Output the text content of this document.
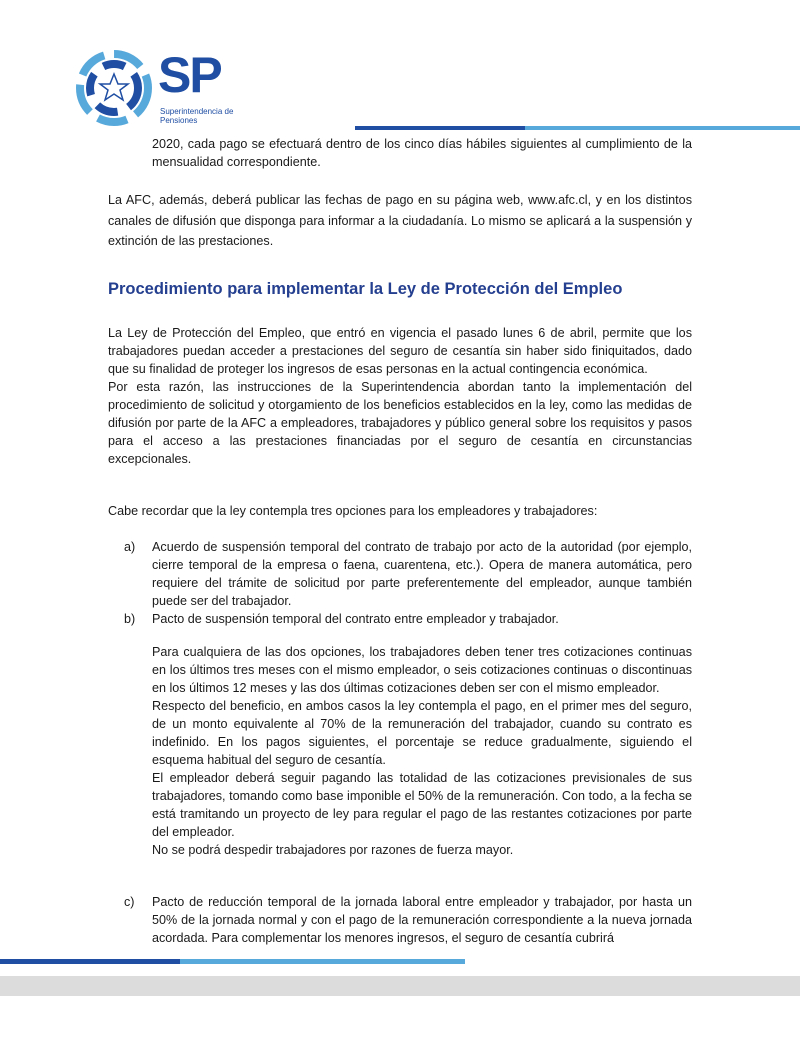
SP
Superintendencia de
Pensiones

2020, cada pago se efectuará dentro de los cinco días hábiles siguientes al cumplimiento de la mensualidad correspondiente.

La AFC, además, deberá publicar las fechas de pago en su página web, www.afc.cl, y en los distintos canales de difusión que disponga para informar a la ciudadanía. Lo mismo se aplicará a la suspensión y extinción de las prestaciones.

Procedimiento para implementar la Ley de Protección del Empleo

La Ley de Protección del Empleo, que entró en vigencia el pasado lunes 6 de abril, permite que los trabajadores puedan acceder a prestaciones del seguro de cesantía sin haber sido finiquitados, dado que su finalidad de proteger los ingresos de esas personas en la actual contingencia económica.

Por esta razón, las instrucciones de la Superintendencia abordan tanto la implementación del procedimiento de solicitud y otorgamiento de los beneficios establecidos en la ley, como las medidas de difusión por parte de la AFC a empleadores, trabajadores y público general sobre los requisitos y pasos para el acceso a las prestaciones financiadas por el seguro de cesantía en circunstancias excepcionales.

Cabe recordar que la ley contempla tres opciones para los empleadores y trabajadores:

a) Acuerdo de suspensión temporal del contrato de trabajo por acto de la autoridad (por ejemplo, cierre temporal de la empresa o faena, cuarentena, etc.). Opera de manera automática, pero requiere del trámite de solicitud por parte preferentemente del empleador, aunque también puede ser del trabajador.
b) Pacto de suspensión temporal del contrato entre empleador y trabajador.

Para cualquiera de las dos opciones, los trabajadores deben tener tres cotizaciones continuas en los últimos tres meses con el mismo empleador, o seis cotizaciones continuas o discontinuas en los últimos 12 meses y las dos últimas cotizaciones deben ser con el mismo empleador.

Respecto del beneficio, en ambos casos la ley contempla el pago, en el primer mes del seguro, de un monto equivalente al 70% de la remuneración del trabajador, cuando su contrato es indefinido. En los pagos siguientes, el porcentaje se reduce gradualmente, siguiendo el esquema habitual del seguro de cesantía.

El empleador deberá seguir pagando las totalidad de las cotizaciones previsionales de sus trabajadores, tomando como base imponible el 50% de la remuneración. Con todo, a la fecha se está tramitando un proyecto de ley para regular el pago de las restantes cotizaciones por parte del empleador.

No se podrá despedir trabajadores por razones de fuerza mayor.

c) Pacto de reducción temporal de la jornada laboral entre empleador y trabajador, por hasta un 50% de la jornada normal y con el pago de la remuneración correspondiente a la nueva jornada acordada. Para complementar los menores ingresos, el seguro de cesantía cubrirá
